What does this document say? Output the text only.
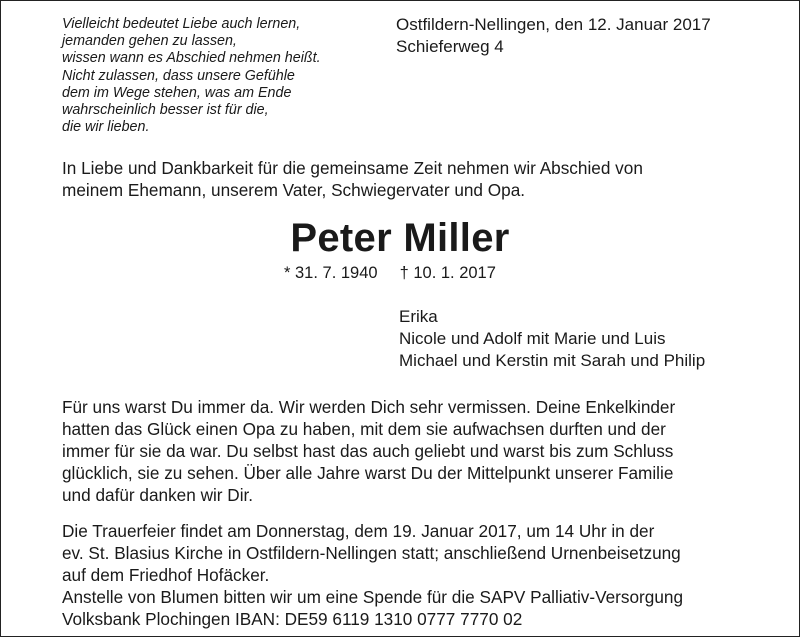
Vielleicht bedeutet Liebe auch lernen,
jemanden gehen zu lassen,
wissen wann es Abschied nehmen heißt.
Nicht zulassen, dass unsere Gefühle
dem im Wege stehen, was am Ende
wahrscheinlich besser ist für die,
die wir lieben.
Ostfildern-Nellingen, den 12. Januar 2017
Schieferweg 4
In Liebe und Dankbarkeit für die gemeinsame Zeit nehmen wir Abschied von
meinem Ehemann, unserem Vater, Schwiegervater und Opa.
Peter Miller
* 31. 7. 1940 † 10. 1. 2017
Erika
Nicole und Adolf mit Marie und Luis
Michael und Kerstin mit Sarah und Philip
Für uns warst Du immer da. Wir werden Dich sehr vermissen. Deine Enkelkinder
hatten das Glück einen Opa zu haben, mit dem sie aufwachsen durften und der
immer für sie da war. Du selbst hast das auch geliebt und warst bis zum Schluss
glücklich, sie zu sehen. Über alle Jahre warst Du der Mittelpunkt unserer Familie
und dafür danken wir Dir.
Die Trauerfeier findet am Donnerstag, dem 19. Januar 2017, um 14 Uhr in der
ev. St. Blasius Kirche in Ostfildern-Nellingen statt; anschließend Urnenbeisetzung
auf dem Friedhof Hofäcker.
Anstelle von Blumen bitten wir um eine Spende für die SAPV Palliativ-Versorgung
Volksbank Plochingen IBAN: DE59 6119 1310 0777 7770 02
